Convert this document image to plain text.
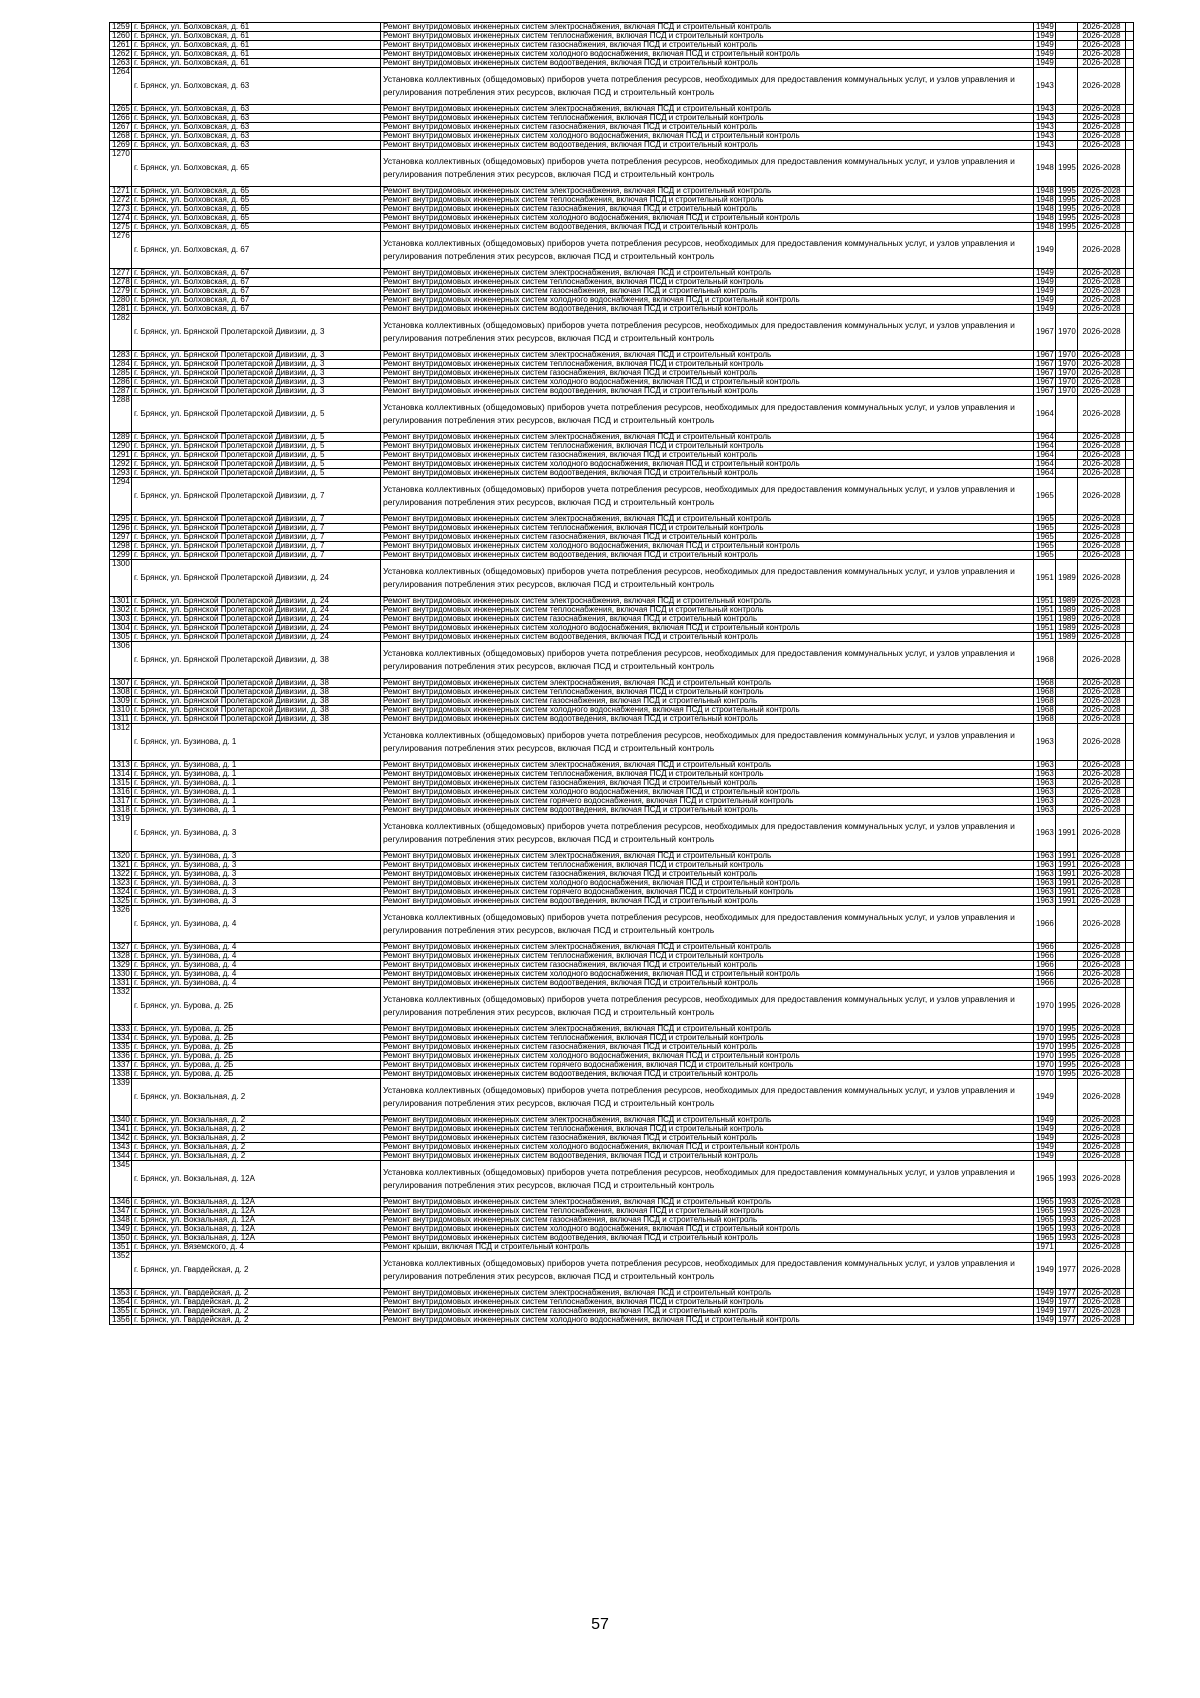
1259	г. Брянск, ул. Болховская, д. 61	Ремонт внутридомовых инженерных систем электроснабжения, включая ПСД и строительный контроль	1949		2026-2028	
1260	г. Брянск, ул. Болховская, д. 61	Ремонт внутридомовых инженерных систем теплоснабжения, включая ПСД и строительный контроль	1949		2026-2028	
1261	г. Брянск, ул. Болховская, д. 61	Ремонт внутридомовых инженерных систем газоснабжения, включая ПСД и строительный контроль	1949		2026-2028	
1262	г. Брянск, ул. Болховская, д. 61	Ремонт внутридомовых инженерных систем холодного водоснабжения, включая ПСД и строительный контроль	1949		2026-2028	
1263	г. Брянск, ул. Болховская, д. 61	Ремонт внутридомовых инженерных систем водоотведения, включая ПСД и строительный контроль	1949		2026-2028	
1264	г. Брянск, ул. Болховская, д. 63	Установка коллективных (общедомовых) приборов учета потребления ресурсов, необходимых для предоставления коммунальных услуг, и узлов управления и регулирования потребления этих ресурсов, включая ПСД и строительный контроль	1943		2026-2028	
1265	г. Брянск, ул. Болховская, д. 63	Ремонт внутридомовых инженерных систем электроснабжения, включая ПСД и строительный контроль	1943		2026-2028	
1266	г. Брянск, ул. Болховская, д. 63	Ремонт внутридомовых инженерных систем теплоснабжения, включая ПСД и строительный контроль	1943		2026-2028	
1267	г. Брянск, ул. Болховская, д. 63	Ремонт внутридомовых инженерных систем газоснабжения, включая ПСД и строительный контроль	1943		2026-2028	
1268	г. Брянск, ул. Болховская, д. 63	Ремонт внутридомовых инженерных систем холодного водоснабжения, включая ПСД и строительный контроль	1943		2026-2028	
1269	г. Брянск, ул. Болховская, д. 63	Ремонт внутридомовых инженерных систем водоотведения, включая ПСД и строительный контроль	1943		2026-2028	
1270	г. Брянск, ул. Болховская, д. 65	Установка коллективных (общедомовых) приборов учета потребления ресурсов, необходимых для предоставления коммунальных услуг, и узлов управления и регулирования потребления этих ресурсов, включая ПСД и строительный контроль	1948	1995	2026-2028	
1271	г. Брянск, ул. Болховская, д. 65	Ремонт внутридомовых инженерных систем электроснабжения, включая ПСД и строительный контроль	1948	1995	2026-2028	
1272	г. Брянск, ул. Болховская, д. 65	Ремонт внутридомовых инженерных систем теплоснабжения, включая ПСД и строительный контроль	1948	1995	2026-2028	
1273	г. Брянск, ул. Болховская, д. 65	Ремонт внутридомовых инженерных систем газоснабжения, включая ПСД и строительный контроль	1948	1995	2026-2028	
1274	г. Брянск, ул. Болховская, д. 65	Ремонт внутридомовых инженерных систем холодного водоснабжения, включая ПСД и строительный контроль	1948	1995	2026-2028	
1275	г. Брянск, ул. Болховская, д. 65	Ремонт внутридомовых инженерных систем водоотведения, включая ПСД и строительный контроль	1948	1995	2026-2028	
1276	г. Брянск, ул. Болховская, д. 67	Установка коллективных (общедомовых) приборов учета потребления ресурсов, необходимых для предоставления коммунальных услуг, и узлов управления и регулирования потребления этих ресурсов, включая ПСД и строительный контроль	1949		2026-2028	
1277	г. Брянск, ул. Болховская, д. 67	Ремонт внутридомовых инженерных систем электроснабжения, включая ПСД и строительный контроль	1949		2026-2028	
1278	г. Брянск, ул. Болховская, д. 67	Ремонт внутридомовых инженерных систем теплоснабжения, включая ПСД и строительный контроль	1949		2026-2028	
1279	г. Брянск, ул. Болховская, д. 67	Ремонт внутридомовых инженерных систем газоснабжения, включая ПСД и строительный контроль	1949		2026-2028	
1280	г. Брянск, ул. Болховская, д. 67	Ремонт внутридомовых инженерных систем холодного водоснабжения, включая ПСД и строительный контроль	1949		2026-2028	
1281	г. Брянск, ул. Болховская, д. 67	Ремонт внутридомовых инженерных систем водоотведения, включая ПСД и строительный контроль	1949		2026-2028	
1282	г. Брянск, ул. Брянской Пролетарской Дивизии, д. 3	Установка коллективных (общедомовых) приборов учета потребления ресурсов, необходимых для предоставления коммунальных услуг, и узлов управления и регулирования потребления этих ресурсов, включая ПСД и строительный контроль	1967	1970	2026-2028	
1283	г. Брянск, ул. Брянской Пролетарской Дивизии, д. 3	Ремонт внутридомовых инженерных систем электроснабжения, включая ПСД и строительный контроль	1967	1970	2026-2028	
1284	г. Брянск, ул. Брянской Пролетарской Дивизии, д. 3	Ремонт внутридомовых инженерных систем теплоснабжения, включая ПСД и строительный контроль	1967	1970	2026-2028	
1285	г. Брянск, ул. Брянской Пролетарской Дивизии, д. 3	Ремонт внутридомовых инженерных систем газоснабжения, включая ПСД и строительный контроль	1967	1970	2026-2028	
1286	г. Брянск, ул. Брянской Пролетарской Дивизии, д. 3	Ремонт внутридомовых инженерных систем холодного водоснабжения, включая ПСД и строительный контроль	1967	1970	2026-2028	
1287	г. Брянск, ул. Брянской Пролетарской Дивизии, д. 3	Ремонт внутридомовых инженерных систем водоотведения, включая ПСД и строительный контроль	1967	1970	2026-2028	
1288	г. Брянск, ул. Брянской Пролетарской Дивизии, д. 5	Установка коллективных (общедомовых) приборов учета потребления ресурсов, необходимых для предоставления коммунальных услуг, и узлов управления и регулирования потребления этих ресурсов, включая ПСД и строительный контроль	1964		2026-2028	
1289	г. Брянск, ул. Брянской Пролетарской Дивизии, д. 5	Ремонт внутридомовых инженерных систем электроснабжения, включая ПСД и строительный контроль	1964		2026-2028	
1290	г. Брянск, ул. Брянской Пролетарской Дивизии, д. 5	Ремонт внутридомовых инженерных систем теплоснабжения, включая ПСД и строительный контроль	1964		2026-2028	
1291	г. Брянск, ул. Брянской Пролетарской Дивизии, д. 5	Ремонт внутридомовых инженерных систем газоснабжения, включая ПСД и строительный контроль	1964		2026-2028	
1292	г. Брянск, ул. Брянской Пролетарской Дивизии, д. 5	Ремонт внутридомовых инженерных систем холодного водоснабжения, включая ПСД и строительный контроль	1964		2026-2028	
1293	г. Брянск, ул. Брянской Пролетарской Дивизии, д. 5	Ремонт внутридомовых инженерных систем водоотведения, включая ПСД и строительный контроль	1964		2026-2028	
1294	г. Брянск, ул. Брянской Пролетарской Дивизии, д. 7	Установка коллективных (общедомовых) приборов учета потребления ресурсов, необходимых для предоставления коммунальных услуг, и узлов управления и регулирования потребления этих ресурсов, включая ПСД и строительный контроль	1965		2026-2028	
1295	г. Брянск, ул. Брянской Пролетарской Дивизии, д. 7	Ремонт внутридомовых инженерных систем электроснабжения, включая ПСД и строительный контроль	1965		2026-2028	
1296	г. Брянск, ул. Брянской Пролетарской Дивизии, д. 7	Ремонт внутридомовых инженерных систем теплоснабжения, включая ПСД и строительный контроль	1965		2026-2028	
1297	г. Брянск, ул. Брянской Пролетарской Дивизии, д. 7	Ремонт внутридомовых инженерных систем газоснабжения, включая ПСД и строительный контроль	1965		2026-2028	
1298	г. Брянск, ул. Брянской Пролетарской Дивизии, д. 7	Ремонт внутридомовых инженерных систем холодного водоснабжения, включая ПСД и строительный контроль	1965		2026-2028	
1299	г. Брянск, ул. Брянской Пролетарской Дивизии, д. 7	Ремонт внутридомовых инженерных систем водоотведения, включая ПСД и строительный контроль	1965		2026-2028	
1300	г. Брянск, ул. Брянской Пролетарской Дивизии, д. 24	Установка коллективных (общедомовых) приборов учета потребления ресурсов, необходимых для предоставления коммунальных услуг, и узлов управления и регулирования потребления этих ресурсов, включая ПСД и строительный контроль	1951	1989	2026-2028	
1301	г. Брянск, ул. Брянской Пролетарской Дивизии, д. 24	Ремонт внутридомовых инженерных систем электроснабжения, включая ПСД и строительный контроль	1951	1989	2026-2028	
1302	г. Брянск, ул. Брянской Пролетарской Дивизии, д. 24	Ремонт внутридомовых инженерных систем теплоснабжения, включая ПСД и строительный контроль	1951	1989	2026-2028	
1303	г. Брянск, ул. Брянской Пролетарской Дивизии, д. 24	Ремонт внутридомовых инженерных систем газоснабжения, включая ПСД и строительный контроль	1951	1989	2026-2028	
1304	г. Брянск, ул. Брянской Пролетарской Дивизии, д. 24	Ремонт внутридомовых инженерных систем холодного водоснабжения, включая ПСД и строительный контроль	1951	1989	2026-2028	
1305	г. Брянск, ул. Брянской Пролетарской Дивизии, д. 24	Ремонт внутридомовых инженерных систем водоотведения, включая ПСД и строительный контроль	1951	1989	2026-2028	
1306	г. Брянск, ул. Брянской Пролетарской Дивизии, д. 38	Установка коллективных (общедомовых) приборов учета потребления ресурсов, необходимых для предоставления коммунальных услуг, и узлов управления и регулирования потребления этих ресурсов, включая ПСД и строительный контроль	1968		2026-2028	
1307	г. Брянск, ул. Брянской Пролетарской Дивизии, д. 38	Ремонт внутридомовых инженерных систем электроснабжения, включая ПСД и строительный контроль	1968		2026-2028	
1308	г. Брянск, ул. Брянской Пролетарской Дивизии, д. 38	Ремонт внутридомовых инженерных систем теплоснабжения, включая ПСД и строительный контроль	1968		2026-2028	
1309	г. Брянск, ул. Брянской Пролетарской Дивизии, д. 38	Ремонт внутридомовых инженерных систем газоснабжения, включая ПСД и строительный контроль	1968		2026-2028	
1310	г. Брянск, ул. Брянской Пролетарской Дивизии, д. 38	Ремонт внутридомовых инженерных систем холодного водоснабжения, включая ПСД и строительный контроль	1968		2026-2028	
1311	г. Брянск, ул. Брянской Пролетарской Дивизии, д. 38	Ремонт внутридомовых инженерных систем водоотведения, включая ПСД и строительный контроль	1968		2026-2028	
1312	г. Брянск, ул. Бузинова, д. 1	Установка коллективных (общедомовых) приборов учета потребления ресурсов, необходимых для предоставления коммунальных услуг, и узлов управления и регулирования потребления этих ресурсов, включая ПСД и строительный контроль	1963		2026-2028	
1313	г. Брянск, ул. Бузинова, д. 1	Ремонт внутридомовых инженерных систем электроснабжения, включая ПСД и строительный контроль	1963		2026-2028	
1314	г. Брянск, ул. Бузинова, д. 1	Ремонт внутридомовых инженерных систем теплоснабжения, включая ПСД и строительный контроль	1963		2026-2028	
1315	г. Брянск, ул. Бузинова, д. 1	Ремонт внутридомовых инженерных систем газоснабжения, включая ПСД и строительный контроль	1963		2026-2028	
1316	г. Брянск, ул. Бузинова, д. 1	Ремонт внутридомовых инженерных систем холодного водоснабжения, включая ПСД и строительный контроль	1963		2026-2028	
1317	г. Брянск, ул. Бузинова, д. 1	Ремонт внутридомовых инженерных систем горячего водоснабжения, включая ПСД и строительный контроль	1963		2026-2028	
1318	г. Брянск, ул. Бузинова, д. 1	Ремонт внутридомовых инженерных систем водоотведения, включая ПСД и строительный контроль	1963		2026-2028	
1319	г. Брянск, ул. Бузинова, д. 3	Установка коллективных (общедомовых) приборов учета потребления ресурсов, необходимых для предоставления коммунальных услуг, и узлов управления и регулирования потребления этих ресурсов, включая ПСД и строительный контроль	1963	1991	2026-2028	
1320	г. Брянск, ул. Бузинова, д. 3	Ремонт внутридомовых инженерных систем электроснабжения, включая ПСД и строительный контроль	1963	1991	2026-2028	
1321	г. Брянск, ул. Бузинова, д. 3	Ремонт внутридомовых инженерных систем теплоснабжения, включая ПСД и строительный контроль	1963	1991	2026-2028	
1322	г. Брянск, ул. Бузинова, д. 3	Ремонт внутридомовых инженерных систем газоснабжения, включая ПСД и строительный контроль	1963	1991	2026-2028	
1323	г. Брянск, ул. Бузинова, д. 3	Ремонт внутридомовых инженерных систем холодного водоснабжения, включая ПСД и строительный контроль	1963	1991	2026-2028	
1324	г. Брянск, ул. Бузинова, д. 3	Ремонт внутридомовых инженерных систем горячего водоснабжения, включая ПСД и строительный контроль	1963	1991	2026-2028	
1325	г. Брянск, ул. Бузинова, д. 3	Ремонт внутридомовых инженерных систем водоотведения, включая ПСД и строительный контроль	1963	1991	2026-2028	
1326	г. Брянск, ул. Бузинова, д. 4	Установка коллективных (общедомовых) приборов учета потребления ресурсов, необходимых для предоставления коммунальных услуг, и узлов управления и регулирования потребления этих ресурсов, включая ПСД и строительный контроль	1966		2026-2028	
1327	г. Брянск, ул. Бузинова, д. 4	Ремонт внутридомовых инженерных систем электроснабжения, включая ПСД и строительный контроль	1966		2026-2028	
1328	г. Брянск, ул. Бузинова, д. 4	Ремонт внутридомовых инженерных систем теплоснабжения, включая ПСД и строительный контроль	1966		2026-2028	
1329	г. Брянск, ул. Бузинова, д. 4	Ремонт внутридомовых инженерных систем газоснабжения, включая ПСД и строительный контроль	1966		2026-2028	
1330	г. Брянск, ул. Бузинова, д. 4	Ремонт внутридомовых инженерных систем холодного водоснабжения, включая ПСД и строительный контроль	1966		2026-2028	
1331	г. Брянск, ул. Бузинова, д. 4	Ремонт внутридомовых инженерных систем водоотведения, включая ПСД и строительный контроль	1966		2026-2028	
1332	г. Брянск, ул. Бурова, д. 2Б	Установка коллективных (общедомовых) приборов учета потребления ресурсов, необходимых для предоставления коммунальных услуг, и узлов управления и регулирования потребления этих ресурсов, включая ПСД и строительный контроль	1970	1995	2026-2028	
1333	г. Брянск, ул. Бурова, д. 2Б	Ремонт внутридомовых инженерных систем электроснабжения, включая ПСД и строительный контроль	1970	1995	2026-2028	
1334	г. Брянск, ул. Бурова, д. 2Б	Ремонт внутридомовых инженерных систем теплоснабжения, включая ПСД и строительный контроль	1970	1995	2026-2028	
1335	г. Брянск, ул. Бурова, д. 2Б	Ремонт внутридомовых инженерных систем газоснабжения, включая ПСД и строительный контроль	1970	1995	2026-2028	
1336	г. Брянск, ул. Бурова, д. 2Б	Ремонт внутридомовых инженерных систем холодного водоснабжения, включая ПСД и строительный контроль	1970	1995	2026-2028	
1337	г. Брянск, ул. Бурова, д. 2Б	Ремонт внутридомовых инженерных систем горячего водоснабжения, включая ПСД и строительный контроль	1970	1995	2026-2028	
1338	г. Брянск, ул. Бурова, д. 2Б	Ремонт внутридомовых инженерных систем водоотведения, включая ПСД и строительный контроль	1970	1995	2026-2028	
1339	г. Брянск, ул. Вокзальная, д. 2	Установка коллективных (общедомовых) приборов учета потребления ресурсов, необходимых для предоставления коммунальных услуг, и узлов управления и регулирования потребления этих ресурсов, включая ПСД и строительный контроль	1949		2026-2028	
1340	г. Брянск, ул. Вокзальная, д. 2	Ремонт внутридомовых инженерных систем электроснабжения, включая ПСД и строительный контроль	1949		2026-2028	
1341	г. Брянск, ул. Вокзальная, д. 2	Ремонт внутридомовых инженерных систем теплоснабжения, включая ПСД и строительный контроль	1949		2026-2028	
1342	г. Брянск, ул. Вокзальная, д. 2	Ремонт внутридомовых инженерных систем газоснабжения, включая ПСД и строительный контроль	1949		2026-2028	
1343	г. Брянск, ул. Вокзальная, д. 2	Ремонт внутридомовых инженерных систем холодного водоснабжения, включая ПСД и строительный контроль	1949		2026-2028	
1344	г. Брянск, ул. Вокзальная, д. 2	Ремонт внутридомовых инженерных систем водоотведения, включая ПСД и строительный контроль	1949		2026-2028	
1345	г. Брянск, ул. Вокзальная, д. 12А	Установка коллективных (общедомовых) приборов учета потребления ресурсов, необходимых для предоставления коммунальных услуг, и узлов управления и регулирования потребления этих ресурсов, включая ПСД и строительный контроль	1965	1993	2026-2028	
1346	г. Брянск, ул. Вокзальная, д. 12А	Ремонт внутридомовых инженерных систем электроснабжения, включая ПСД и строительный контроль	1965	1993	2026-2028	
1347	г. Брянск, ул. Вокзальная, д. 12А	Ремонт внутридомовых инженерных систем теплоснабжения, включая ПСД и строительный контроль	1965	1993	2026-2028	
1348	г. Брянск, ул. Вокзальная, д. 12А	Ремонт внутридомовых инженерных систем газоснабжения, включая ПСД и строительный контроль	1965	1993	2026-2028	
1349	г. Брянск, ул. Вокзальная, д. 12А	Ремонт внутридомовых инженерных систем холодного водоснабжения, включая ПСД и строительный контроль	1965	1993	2026-2028	
1350	г. Брянск, ул. Вокзальная, д. 12А	Ремонт внутридомовых инженерных систем водоотведения, включая ПСД и строительный контроль	1965	1993	2026-2028	
1351	г. Брянск, ул. Вяземского, д. 4	Ремонт крыши, включая ПСД и строительный контроль	1971		2026-2028	
1352	г. Брянск, ул. Гвардейская, д. 2	Установка коллективных (общедомовых) приборов учета потребления ресурсов, необходимых для предоставления коммунальных услуг, и узлов управления и регулирования потребления этих ресурсов, включая ПСД и строительный контроль	1949	1977	2026-2028	
1353	г. Брянск, ул. Гвардейская, д. 2	Ремонт внутридомовых инженерных систем электроснабжения, включая ПСД и строительный контроль	1949	1977	2026-2028	
1354	г. Брянск, ул. Гвардейская, д. 2	Ремонт внутридомовых инженерных систем теплоснабжения, включая ПСД и строительный контроль	1949	1977	2026-2028	
1355	г. Брянск, ул. Гвардейская, д. 2	Ремонт внутридомовых инженерных систем газоснабжения, включая ПСД и строительный контроль	1949	1977	2026-2028	
1356	г. Брянск, ул. Гвардейская, д. 2	Ремонт внутридомовых инженерных систем холодного водоснабжения, включая ПСД и строительный контроль	1949	1977	2026-2028	
57
